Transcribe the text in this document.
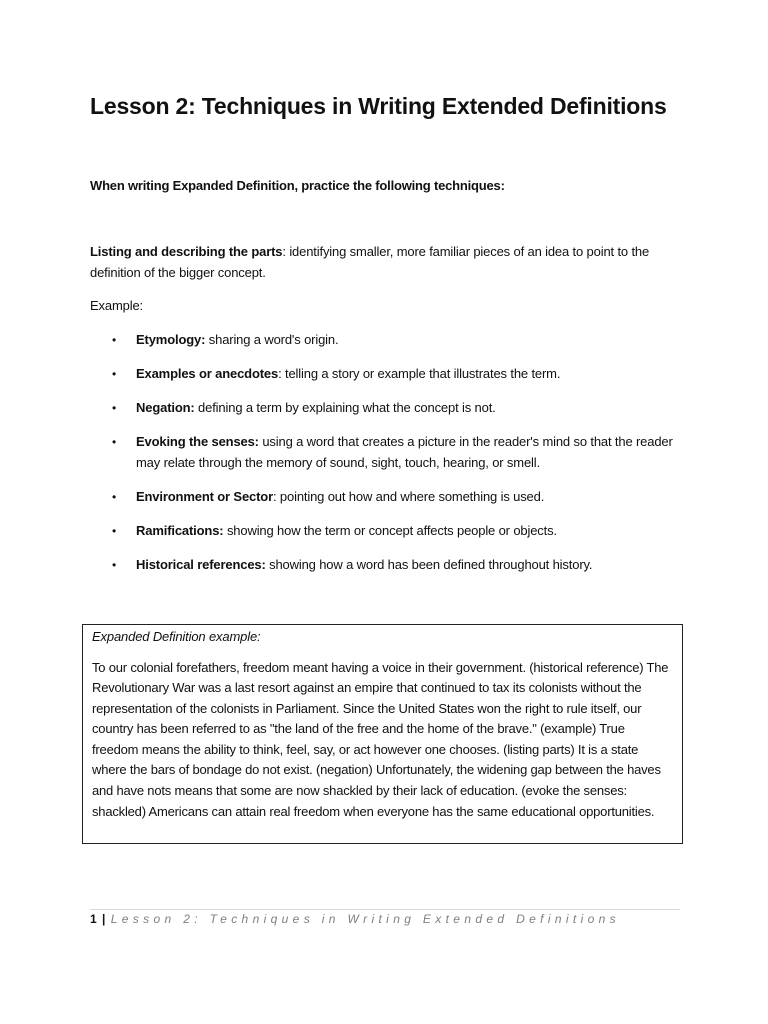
Lesson 2: Techniques in Writing Extended Definitions

When writing Expanded Definition, practice the following techniques:

Listing and describing the parts: identifying smaller, more familiar pieces of an idea to point to the definition of the bigger concept.

Example:

• Etymology: sharing a word's origin.
• Examples or anecdotes: telling a story or example that illustrates the term.
• Negation: defining a term by explaining what the concept is not.
• Evoking the senses: using a word that creates a picture in the reader's mind so that the reader may relate through the memory of sound, sight, touch, hearing, or smell.
• Environment or Sector: pointing out how and where something is used.
• Ramifications: showing how the term or concept affects people or objects.
• Historical references: showing how a word has been defined throughout history.

Expanded Definition example:

To our colonial forefathers, freedom meant having a voice in their government. (historical reference) The Revolutionary War was a last resort against an empire that continued to tax its colonists without the representation of the colonists in Parliament. Since the United States won the right to rule itself, our country has been referred to as "the land of the free and the home of the brave." (example) True freedom means the ability to think, feel, say, or act however one chooses. (listing parts) It is a state where the bars of bondage do not exist. (negation) Unfortunately, the widening gap between the haves and have nots means that some are now shackled by their lack of education. (evoke the senses: shackled) Americans can attain real freedom when everyone has the same educational opportunities.

1 | Lesson 2: Techniques in Writing Extended Definitions
